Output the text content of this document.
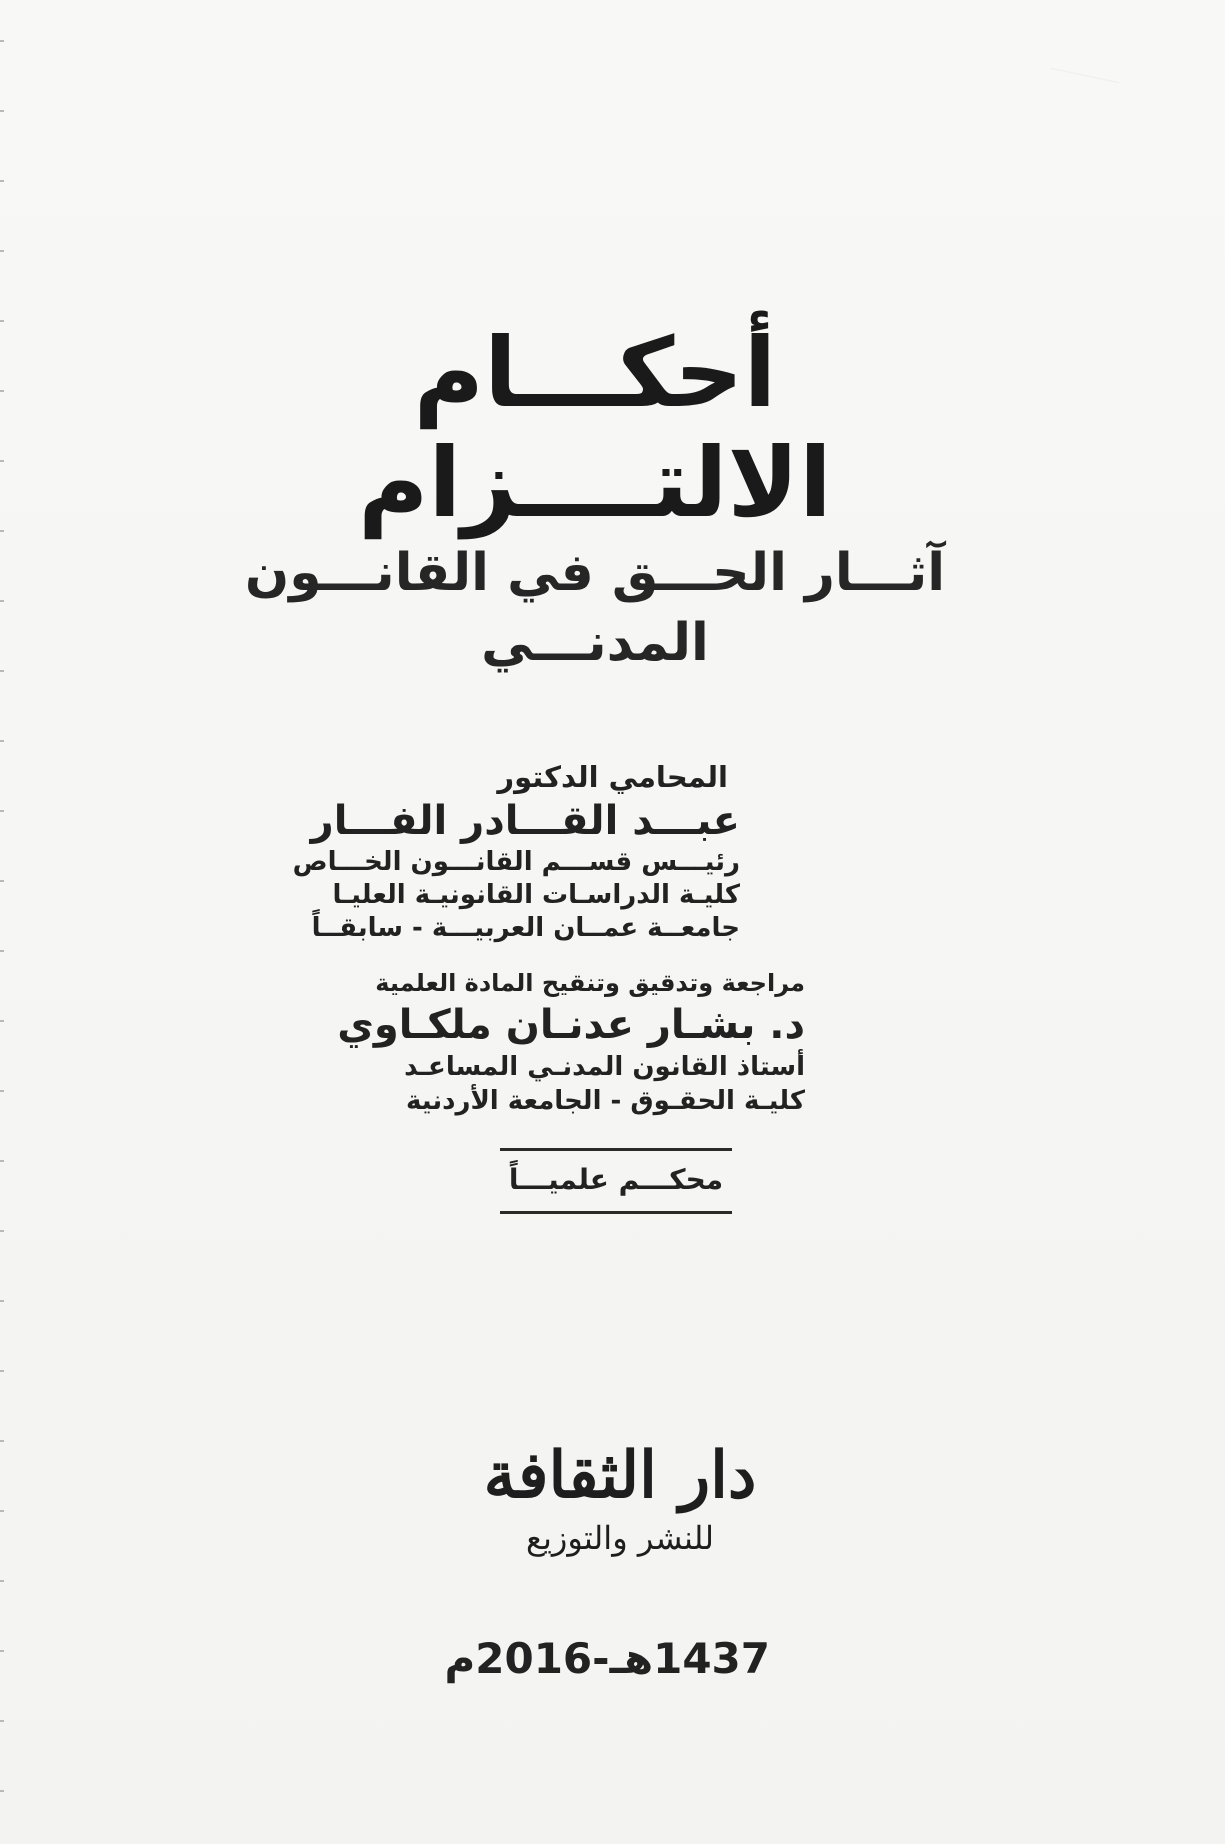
أحكـــام الالتــــزام
آثـــار الحـــق في القانـــون المدنـــي
المحامي الدكتور
عبـــد القـــادر الفـــار
رئيـــس قســـم القانـــون الخـــاص
كليـة الدراسـات القانونيـة العليـا
جامعــة عمــان العربيـــة - سابقــاً
مراجعة وتدقيق وتنقيح المادة العلمية
د. بشـار عدنـان ملكـاوي
أستاذ القانون المدنـي المساعـد
كليـة الحقـوق - الجامعة الأردنية
محكـــم علميـــاً
دار الثقافة
للنشر والتوزيع
1437هـ-2016م
